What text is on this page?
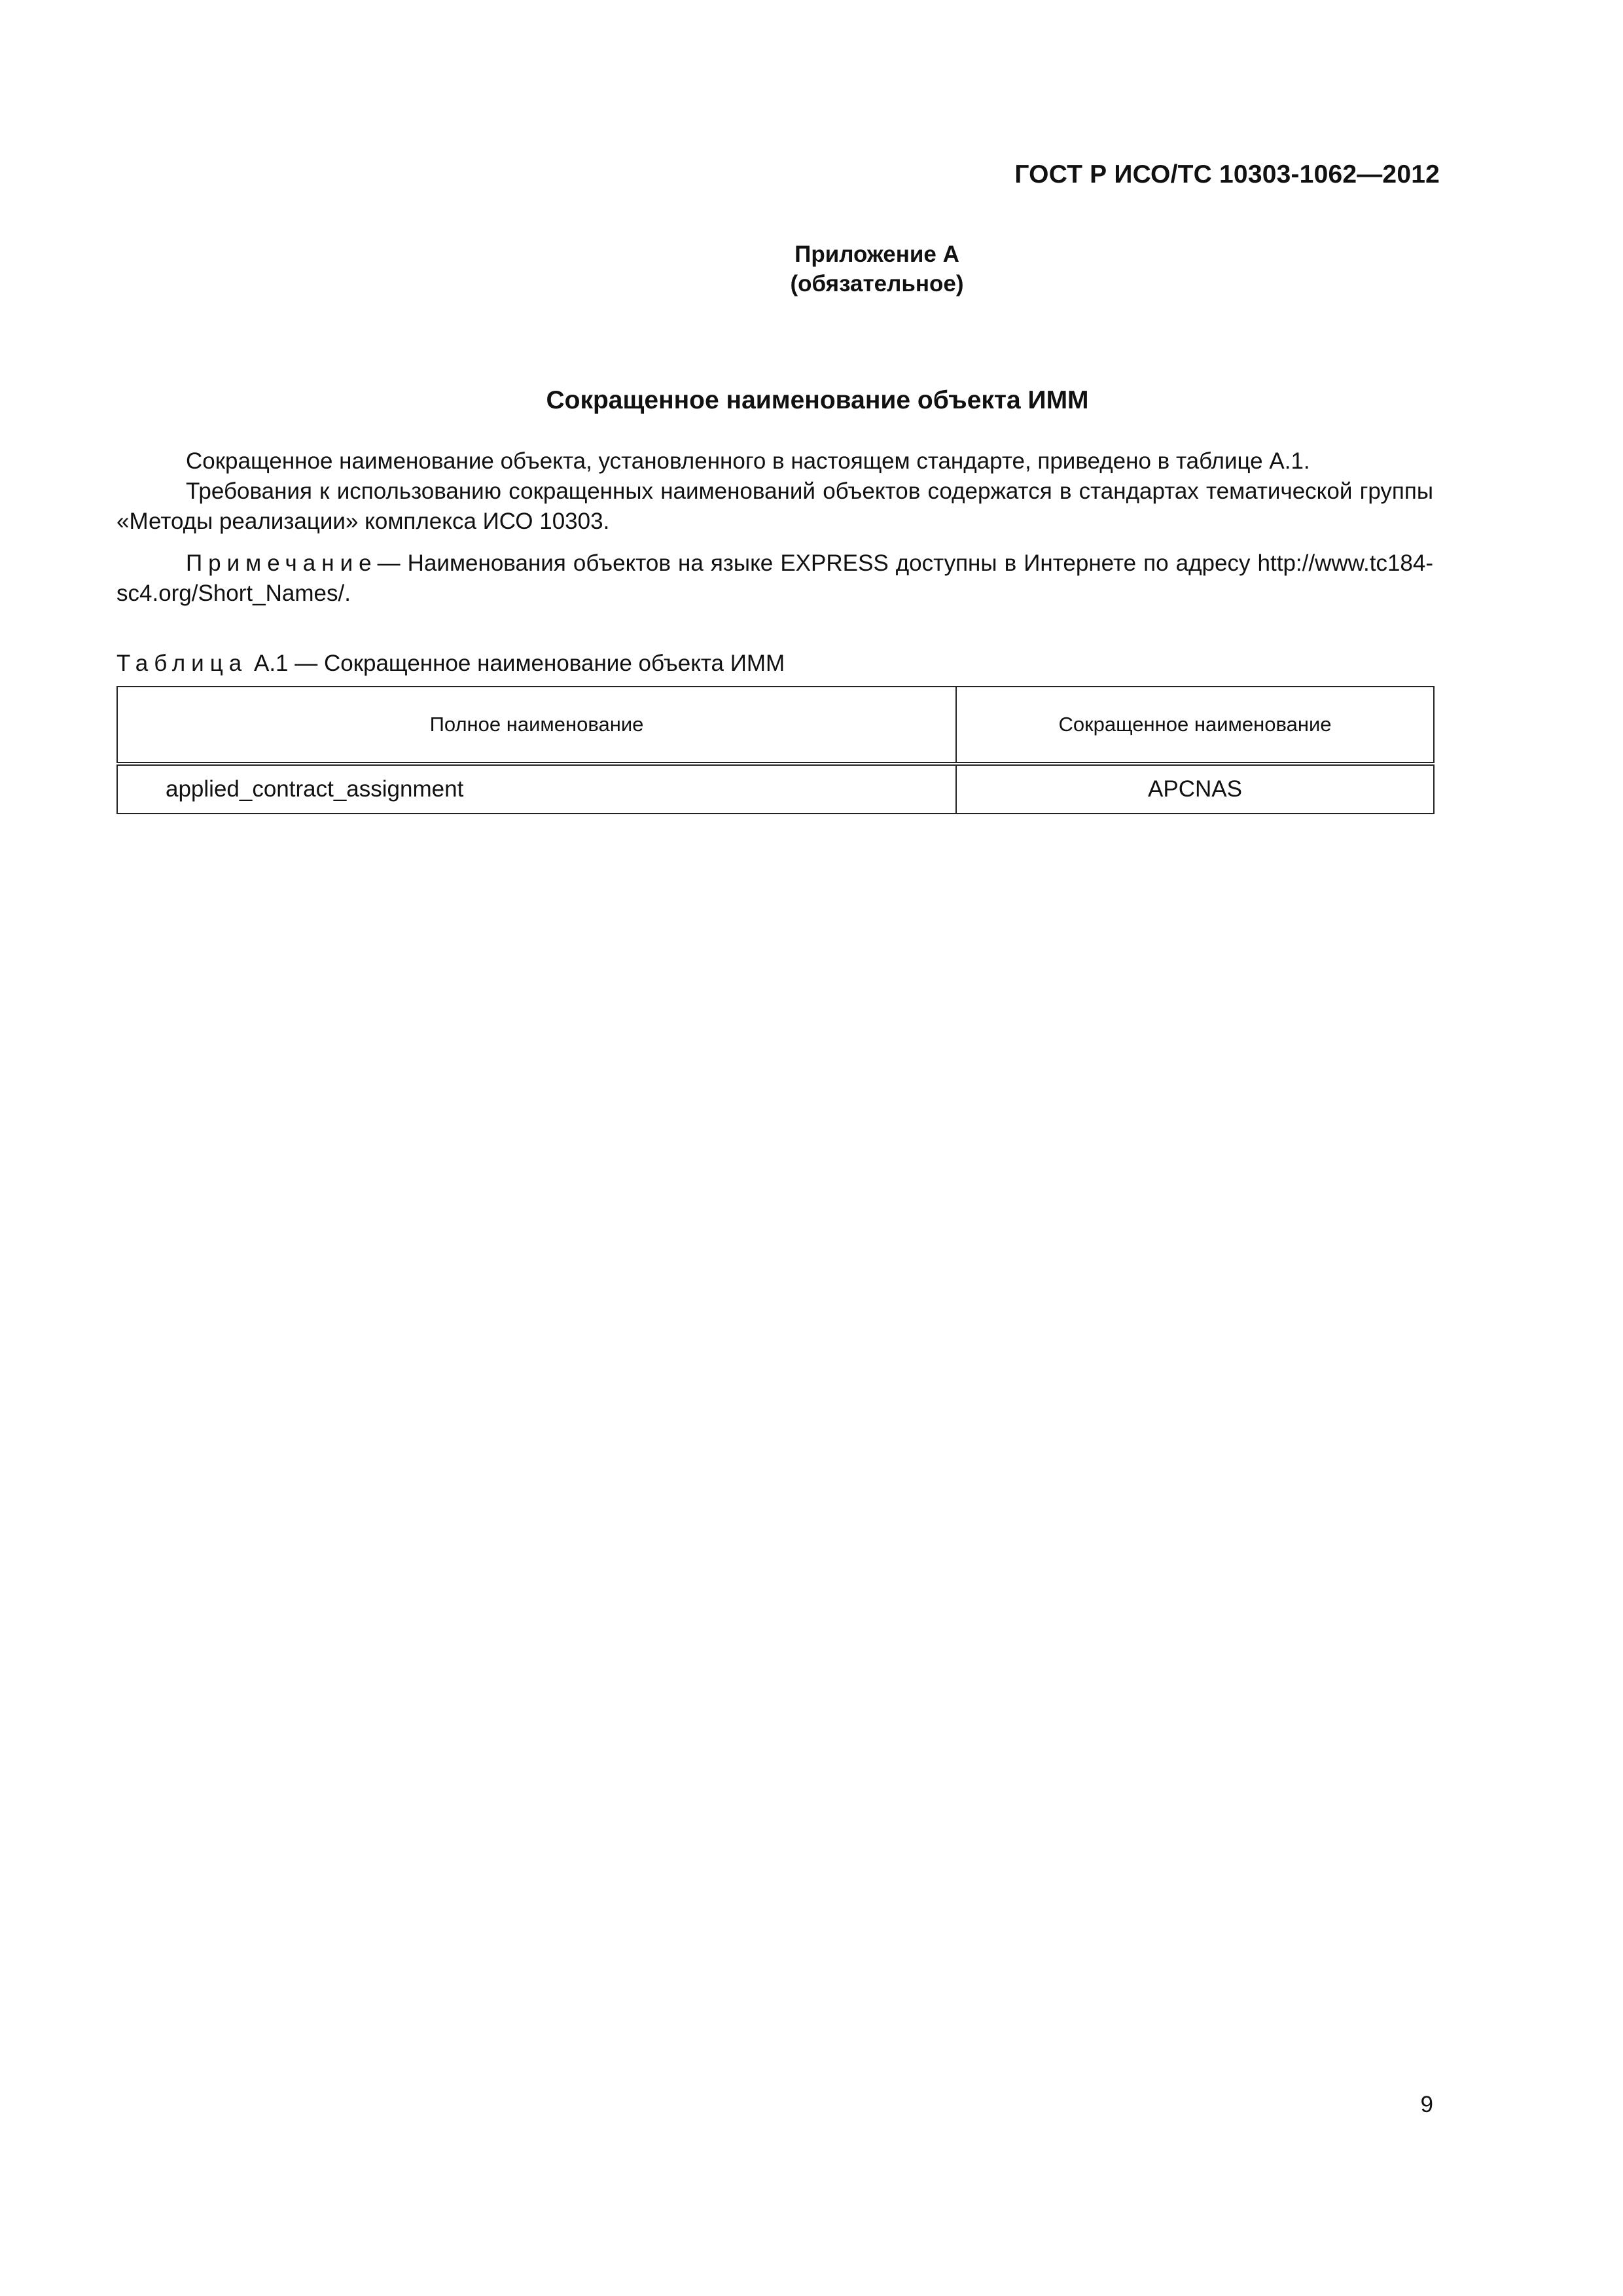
ГОСТ Р ИСО/ТС 10303-1062—2012
Приложение А
(обязательное)
Сокращенное наименование объекта ИММ
Сокращенное наименование объекта, установленного в настоящем стандарте, приведено в таблице А.1.
Требования к использованию сокращенных наименований объектов содержатся в стандартах тематической группы «Методы реализации» комплекса ИСО 10303.
Примечание— Наименования объектов на языке EXPRESS доступны в Интернете по адресу http://www.tc184-sc4.org/Short_Names/.
Таблица А.1 — Сокращенное наименование объекта ИММ
Полное наименование	Сокращенное наименование
applied_contract_assignment	APCNAS
9
